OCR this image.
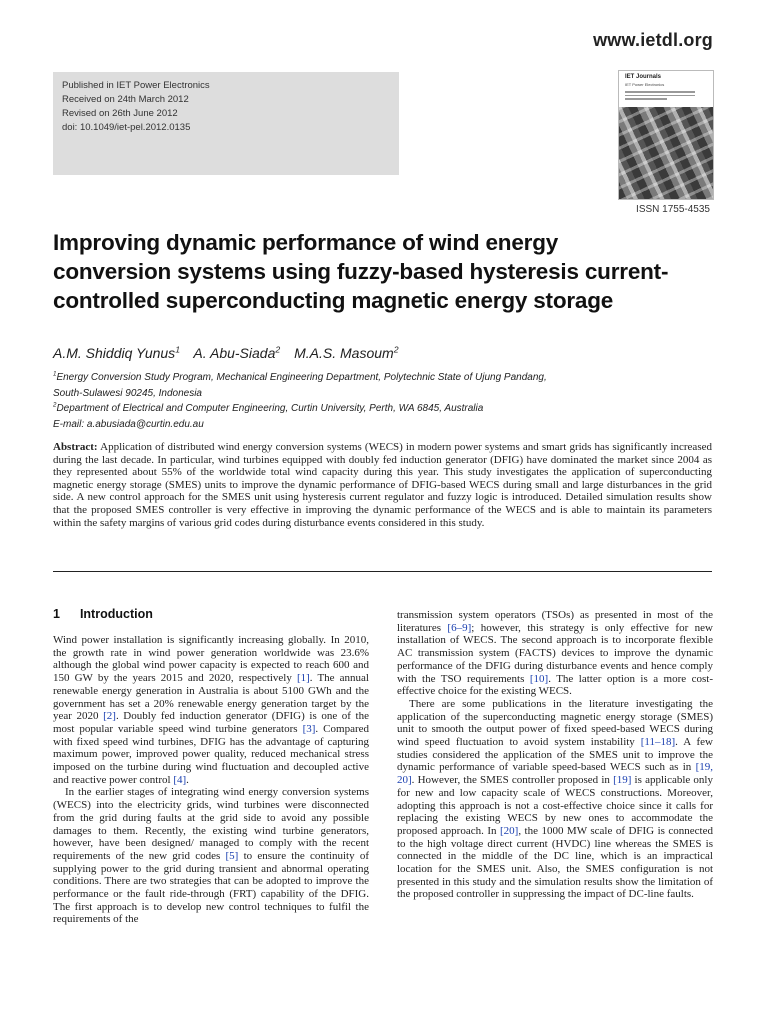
www.ietdl.org
Published in IET Power Electronics
Received on 24th March 2012
Revised on 26th June 2012
doi: 10.1049/iet-pel.2012.0135
IET Journals
IET Power Electronics
ISSN 1755-4535
Improving dynamic performance of wind energy conversion systems using fuzzy-based hysteresis current-controlled superconducting magnetic energy storage
A.M. Shiddiq Yunus$^1$ A. Abu-Siada$^2$ M.A.S. Masoum$^2$
$^1$Energy Conversion Study Program, Mechanical Engineering Department, Polytechnic State of Ujung Pandang,
South-Sulawesi 90245, Indonesia
$^2$Department of Electrical and Computer Engineering, Curtin University, Perth, WA 6845, Australia
E-mail: a.abusiada@curtin.edu.au

Abstract: Application of distributed wind energy conversion systems (WECS) in modern power systems and smart grids has significantly increased during the last decade. In particular, wind turbines equipped with doubly fed induction generator (DFIG) have dominated the market since 2004 as they represented about 55% of the worldwide total wind capacity during this year. This study investigates the application of superconducting magnetic energy storage (SMES) units to improve the dynamic performance of DFIG-based WECS during small and large disturbances in the grid side. A new control approach for the SMES unit using hysteresis current regulator and fuzzy logic is introduced. Detailed simulation results show that the proposed SMES controller is very effective in improving the dynamic performance of the WECS and is able to maintain its parameters within the safety margins of various grid codes during disturbance events considered in this study.

1 Introduction

Wind power installation is significantly increasing globally. In 2010, the growth rate in wind power generation worldwide was 23.6% although the global wind power capacity is expected to reach 600 and 150 GW by the years 2015 and 2020, respectively [1]. The annual renewable energy generation in Australia is about 5100 GWh and the government has set a 20% renewable energy generation target by the year 2020 [2]. Doubly fed induction generator (DFIG) is one of the most popular variable speed wind turbine generators [3]. Compared with fixed speed wind turbines, DFIG has the advantage of capturing maximum power, improved power quality, reduced mechanical stress imposed on the turbine during wind fluctuation and decoupled active and reactive power control [4].

In the earlier stages of integrating wind energy conversion systems (WECS) into the electricity grids, wind turbines were disconnected from the grid during faults at the grid side to avoid any possible damages to them. Recently, the existing wind turbine generators, however, have been designed/ managed to comply with the recent requirements of the new grid codes [5] to ensure the continuity of supplying power to the grid during transient and abnormal operating conditions. There are two strategies that can be adopted to improve the performance or the fault ride-through (FRT) capability of the DFIG. The first approach is to develop new control techniques to fulfil the requirements of the

transmission system operators (TSOs) as presented in most of the literatures [6–9]; however, this strategy is only effective for new installation of WECS. The second approach is to incorporate flexible AC transmission system (FACTS) devices to improve the dynamic performance of the DFIG during disturbance events and hence comply with the TSO requirements [10]. The latter option is a more cost-effective choice for the existing WECS.

There are some publications in the literature investigating the application of the superconducting magnetic energy storage (SMES) unit to smooth the output power of fixed speed-based WECS during wind speed fluctuation to avoid system instability [11–18]. A few studies considered the application of the SMES unit to improve the dynamic performance of variable speed-based WECS such as in [19, 20]. However, the SMES controller proposed in [19] is applicable only for new and low capacity scale of WECS constructions. Moreover, adopting this approach is not a cost-effective choice since it calls for replacing the existing WECS by new ones to accommodate the proposed approach. In [20], the 1000 MW scale of DFIG is connected to the high voltage direct current (HVDC) line whereas the SMES is connected in the middle of the DC line, which is an impractical location for the SMES unit. Also, the SMES configuration is not presented in this study and the simulation results show the limitation of the proposed controller in suppressing the impact of DC-line faults.
